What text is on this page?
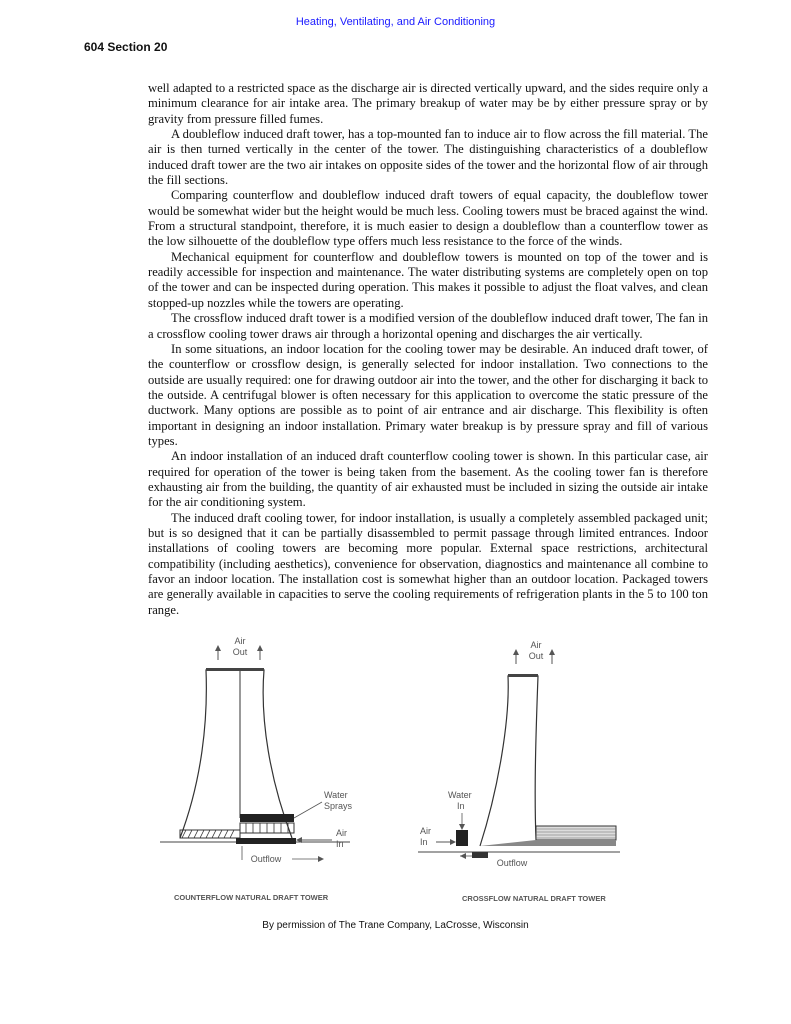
Heating, Ventilating, and Air Conditioning
604 Section 20

well adapted to a restricted space as the discharge air is directed vertically upward, and the sides require only a minimum clearance for air intake area. The primary breakup of water may be by either pressure spray or by gravity from pressure filled fumes.

A doubleflow induced draft tower, has a top-mounted fan to induce air to flow across the fill material. The air is then turned vertically in the center of the tower. The distinguishing characteristics of a doubleflow induced draft tower are the two air intakes on opposite sides of the tower and the horizontal flow of air through the fill sections.

Comparing counterflow and doubleflow induced draft towers of equal capacity, the doubleflow tower would be somewhat wider but the height would be much less. Cooling towers must be braced against the wind. From a structural standpoint, therefore, it is much easier to design a doubleflow than a counterflow tower as the low silhouette of the doubleflow type offers much less resistance to the force of the winds.

Mechanical equipment for counterflow and doubleflow towers is mounted on top of the tower and is readily accessible for inspection and maintenance. The water distributing systems are completely open on top of the tower and can be inspected during operation. This makes it possible to adjust the float valves, and clean stopped-up nozzles while the towers are operating.

The crossflow induced draft tower is a modified version of the doubleflow induced draft tower, The fan in a crossflow cooling tower draws air through a horizontal opening and discharges the air vertically.

In some situations, an indoor location for the cooling tower may be desirable. An induced draft tower, of the counterflow or crossflow design, is generally selected for indoor installation. Two connections to the outside are usually required: one for drawing outdoor air into the tower, and the other for discharging it back to the outside. A centrifugal blower is often necessary for this application to overcome the static pressure of the ductwork. Many options are possible as to point of air entrance and air discharge. This flexibility is often important in designing an indoor installation. Primary water breakup is by pressure spray and fill of various types.

An indoor installation of an induced draft counterflow cooling tower is shown. In this particular case, air required for operation of the tower is being taken from the basement. As the cooling tower fan is therefore exhausting air from the building, the quantity of air exhausted must be included in sizing the outside air intake for the air conditioning system.

The induced draft cooling tower, for indoor installation, is usually a completely assembled packaged unit; but is so designed that it can be partially disassembled to permit passage through limited entrances. Indoor installations of cooling towers are becoming more popular. External space restrictions, architectural compatibility (including aesthetics), convenience for observation, diagnostics and maintenance all combine to favor an indoor location. The installation cost is somewhat higher than an outdoor location. Packaged towers are generally available in capacities to serve the cooling requirements of refrigeration plants in the 5 to 100 ton range.

Air
Out
Water
Sprays
Air
In
Outflow
COUNTERFLOW NATURAL DRAFT TOWER
Air
Out
Water
In
Air
In
Outflow
CROSSFLOW NATURAL DRAFT TOWER
By permission of The Trane Company, LaCrosse, Wisconsin
